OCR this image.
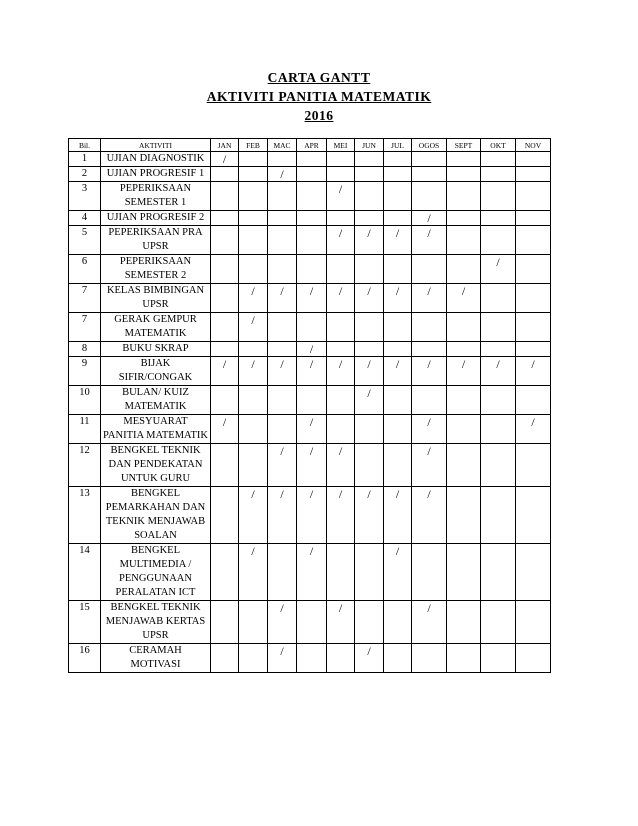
CARTA GANTT
AKTIVITI PANITIA MATEMATIK
2016
Bil.	AKTIVITI	JAN	FEB	MAC	APR	MEI	JUN	JUL	OGOS	SEPT	OKT	NOV
1	UJIAN DIAGNOSTIK	/										
2	UJIAN PROGRESIF 1			/								
3	PEPERIKSAAN SEMESTER 1					/						
4	UJIAN PROGRESIF 2								/			
5	PEPERIKSAAN PRA UPSR					/	/	/	/			
6	PEPERIKSAAN SEMESTER 2										/	
7	KELAS BIMBINGAN UPSR		/	/	/	/	/	/	/	/		
7	GERAK GEMPUR MATEMATIK		/									
8	BUKU SKRAP				/							
9	BIJAK SIFIR/CONGAK	/	/	/	/	/	/	/	/	/	/	/
10	BULAN/ KUIZ MATEMATIK						/					
11	MESYUARAT PANITIA MATEMATIK	/			/				/			/
12	BENGKEL TEKNIK DAN PENDEKATAN UNTUK GURU			/	/	/			/			
13	BENGKEL PEMARKAHAN DAN TEKNIK MENJAWAB SOALAN		/	/	/	/	/	/	/			
14	BENGKEL MULTIMEDIA / PENGGUNAAN PERALATAN ICT		/		/			/				
15	BENGKEL TEKNIK MENJAWAB KERTAS UPSR			/		/			/			
16	CERAMAH MOTIVASI			/			/					
